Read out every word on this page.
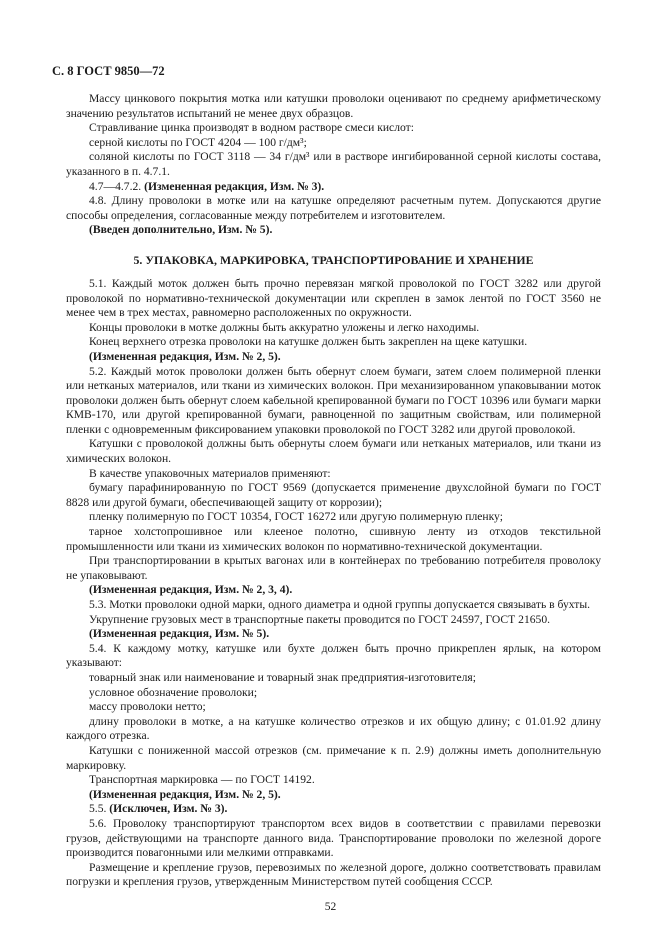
С. 8 ГОСТ 9850—72

Массу цинкового покрытия мотка или катушки проволоки оценивают по среднему арифметическому значению результатов испытаний не менее двух образцов.

Стравливание цинка производят в водном растворе смеси кислот:

серной кислоты по ГОСТ 4204 — 100 г/дм³;

соляной кислоты по ГОСТ 3118 — 34 г/дм³ или в растворе ингибированной серной кислоты состава, указанного в п. 4.7.1.

4.7—4.7.2. (Измененная редакция, Изм. № 3).

4.8. Длину проволоки в мотке или на катушке определяют расчетным путем. Допускаются другие способы определения, согласованные между потребителем и изготовителем.

(Введен дополнительно, Изм. № 5).

5. УПАКОВКА, МАРКИРОВКА, ТРАНСПОРТИРОВАНИЕ И ХРАНЕНИЕ

5.1. Каждый моток должен быть прочно перевязан мягкой проволокой по ГОСТ 3282 или другой проволокой по нормативно-технической документации или скреплен в замок лентой по ГОСТ 3560 не менее чем в трех местах, равномерно расположенных по окружности.

Концы проволоки в мотке должны быть аккуратно уложены и легко находимы.

Конец верхнего отрезка проволоки на катушке должен быть закреплен на щеке катушки.

(Измененная редакция, Изм. № 2, 5).

5.2. Каждый моток проволоки должен быть обернут слоем бумаги, затем слоем полимерной пленки или нетканых материалов, или ткани из химических волокон. При механизированном упаковывании моток проволоки должен быть обернут слоем кабельной крепированной бумаги по ГОСТ 10396 или бумаги марки КМВ-170, или другой крепированной бумаги, равноценной по защитным свойствам, или полимерной пленки с одновременным фиксированием упаковки проволокой по ГОСТ 3282 или другой проволокой.

Катушки с проволокой должны быть обернуты слоем бумаги или нетканых материалов, или ткани из химических волокон.

В качестве упаковочных материалов применяют:

бумагу парафинированную по ГОСТ 9569 (допускается применение двухслойной бумаги по ГОСТ 8828 или другой бумаги, обеспечивающей защиту от коррозии);

пленку полимерную по ГОСТ 10354, ГОСТ 16272 или другую полимерную пленку;

тарное холстопрошивное или клееное полотно, сшивную ленту из отходов текстильной промышленности или ткани из химических волокон по нормативно-технической документации.

При транспортировании в крытых вагонах или в контейнерах по требованию потребителя проволоку не упаковывают.

(Измененная редакция, Изм. № 2, 3, 4).

5.3. Мотки проволоки одной марки, одного диаметра и одной группы допускается связывать в бухты.

Укрупнение грузовых мест в транспортные пакеты проводится по ГОСТ 24597, ГОСТ 21650.

(Измененная редакция, Изм. № 5).

5.4. К каждому мотку, катушке или бухте должен быть прочно прикреплен ярлык, на котором указывают:

товарный знак или наименование и товарный знак предприятия-изготовителя;

условное обозначение проволоки;

массу проволоки нетто;

длину проволоки в мотке, а на катушке количество отрезков и их общую длину; с 01.01.92 длину каждого отрезка.

Катушки с пониженной массой отрезков (см. примечание к п. 2.9) должны иметь дополнительную маркировку.

Транспортная маркировка — по ГОСТ 14192.

(Измененная редакция, Изм. № 2, 5).

5.5. (Исключен, Изм. № 3).

5.6. Проволоку транспортируют транспортом всех видов в соответствии с правилами перевозки грузов, действующими на транспорте данного вида. Транспортирование проволоки по железной дороге производится повагонными или мелкими отправками.

Размещение и крепление грузов, перевозимых по железной дороге, должно соответствовать правилам погрузки и крепления грузов, утвержденным Министерством путей сообщения СССР.

52
